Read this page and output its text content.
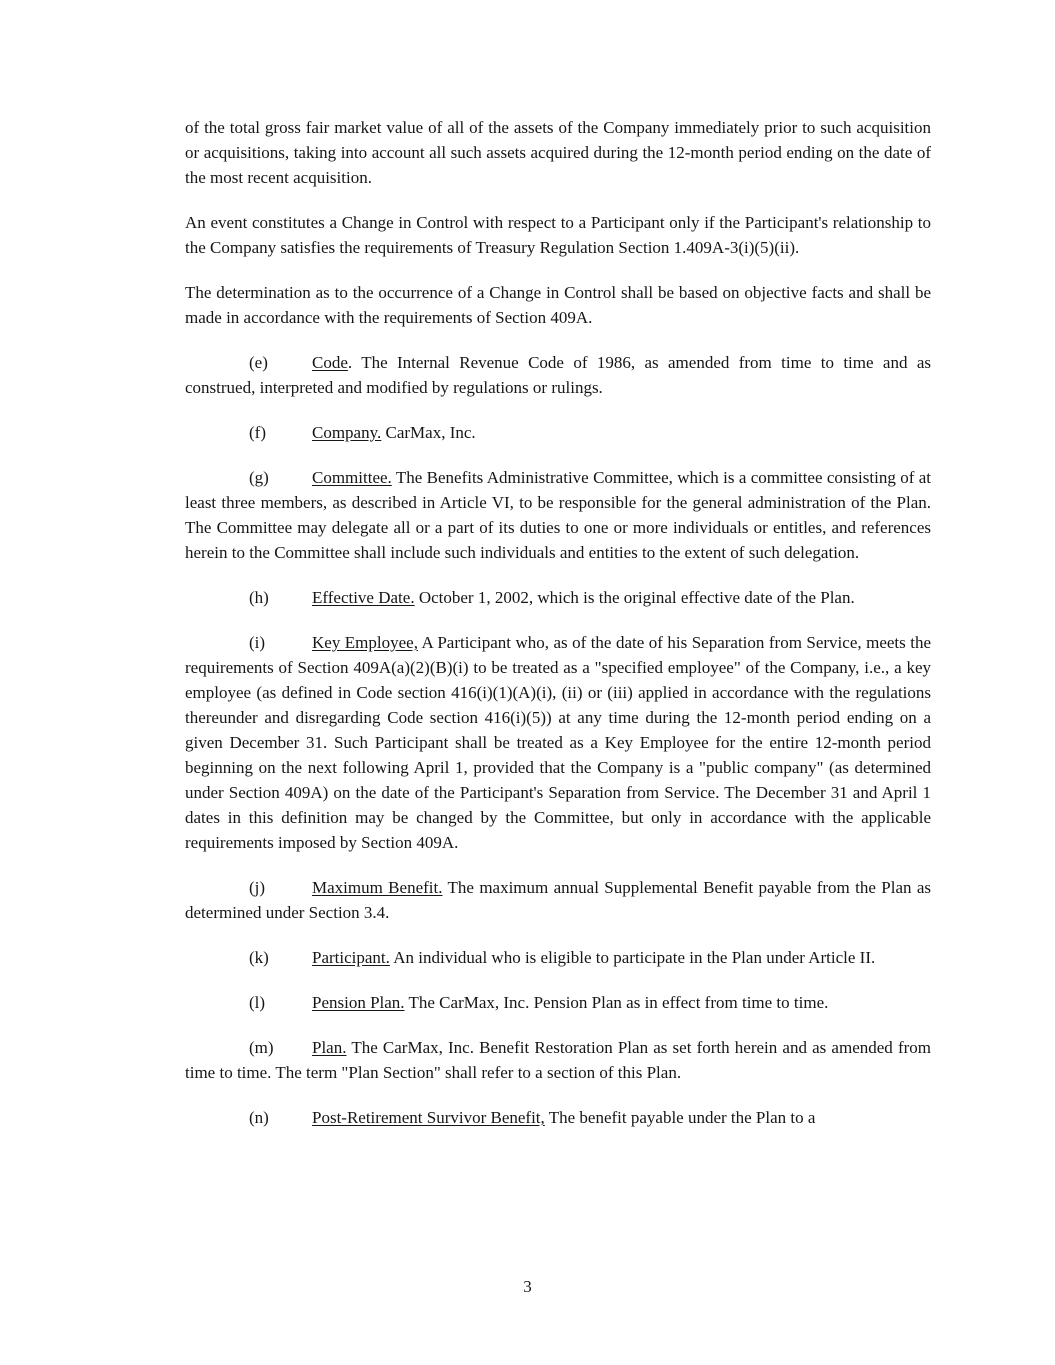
of the total gross fair market value of all of the assets of the Company immediately prior to such acquisition or acquisitions, taking into account all such assets acquired during the 12-month period ending on the date of the most recent acquisition.

An event constitutes a Change in Control with respect to a Participant only if the Participant's relationship to the Company satisfies the requirements of Treasury Regulation Section 1.409A-3(i)(5)(ii).

The determination as to the occurrence of a Change in Control shall be based on objective facts and shall be made in accordance with the requirements of Section 409A.

(e)	Code. The Internal Revenue Code of 1986, as amended from time to time and as construed, interpreted and modified by regulations or rulings.

(f)	Company. CarMax, Inc.

(g)	Committee. The Benefits Administrative Committee, which is a committee consisting of at least three members, as described in Article VI, to be responsible for the general administration of the Plan. The Committee may delegate all or a part of its duties to one or more individuals or entitles, and references herein to the Committee shall include such individuals and entities to the extent of such delegation.

(h)	Effective Date. October 1, 2002, which is the original effective date of the Plan.

(i)	Key Employee, A Participant who, as of the date of his Separation from Service, meets the requirements of Section 409A(a)(2)(B)(i) to be treated as a "specified employee" of the Company, i.e., a key employee (as defined in Code section 416(i)(1)(A)(i), (ii) or (iii) applied in accordance with the regulations thereunder and disregarding Code section 416(i)(5)) at any time during the 12-month period ending on a given December 31. Such Participant shall be treated as a Key Employee for the entire 12-month period beginning on the next following April 1, provided that the Company is a "public company" (as determined under Section 409A) on the date of the Participant's Separation from Service. The December 31 and April 1 dates in this definition may be changed by the Committee, but only in accordance with the applicable requirements imposed by Section 409A.

(j)	Maximum Benefit. The maximum annual Supplemental Benefit payable from the Plan as determined under Section 3.4.

(k)	Participant. An individual who is eligible to participate in the Plan under Article II.

(l)	Pension Plan. The CarMax, Inc. Pension Plan as in effect from time to time.

(m) Plan. The CarMax, Inc. Benefit Restoration Plan as set forth herein and as amended from time to time. The term "Plan Section" shall refer to a section of this Plan.

(n)	Post-Retirement Survivor Benefit, The benefit payable under the Plan to a

3
